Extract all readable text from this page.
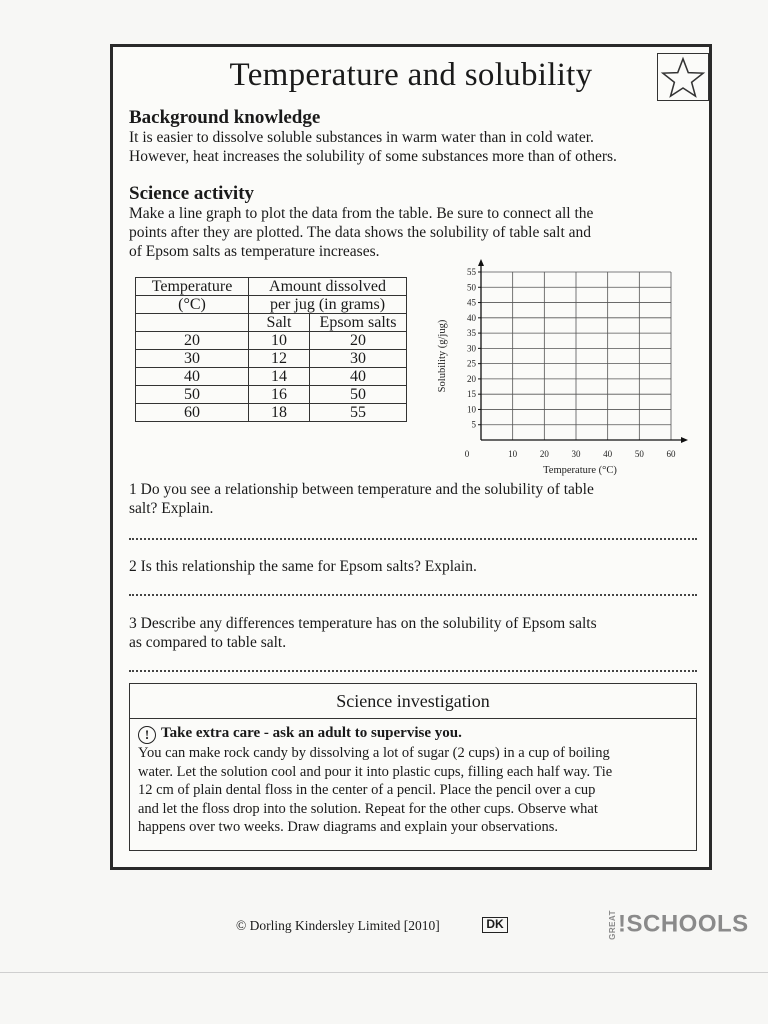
Temperature and solubility
Background knowledge
It is easier to dissolve soluble substances in warm water than in cold water.
However, heat increases the solubility of some substances more than of others.
Science activity
Make a line graph to plot the data from the table. Be sure to connect all the
points after they are plotted. The data shows the solubility of table salt and
of Epsom salts as temperature increases.
Temperature	Amount dissolved	
(°C)	per jug (in grams)	
	Salt	Epsom salts
20	10	20
30	12	30
40	14	40
50	16	50
60	18	55
5
10
15
20
25
30
35
40
45
50
55
0	10	20	30	40	50	60
Temperature (°C)
Solubility (g/jug)
1 Do you see a relationship between temperature and the solubility of table
salt? Explain.
2 Is this relationship the same for Epsom salts? Explain.
3 Describe any differences temperature has on the solubility of Epsom salts
as compared to table salt.
Science investigation
! Take extra care - ask an adult to supervise you.
You can make rock candy by dissolving a lot of sugar (2 cups) in a cup of boiling
water. Let the solution cool and pour it into plastic cups, filling each half way. Tie
12 cm of plain dental floss in the center of a pencil. Place the pencil over a cup
and let the floss drop into the solution. Repeat for the other cups. Observe what
happens over two weeks. Draw diagrams and explain your observations.
© Dorling Kindersley Limited [2010]	DK	GREAT!SCHOOLS
